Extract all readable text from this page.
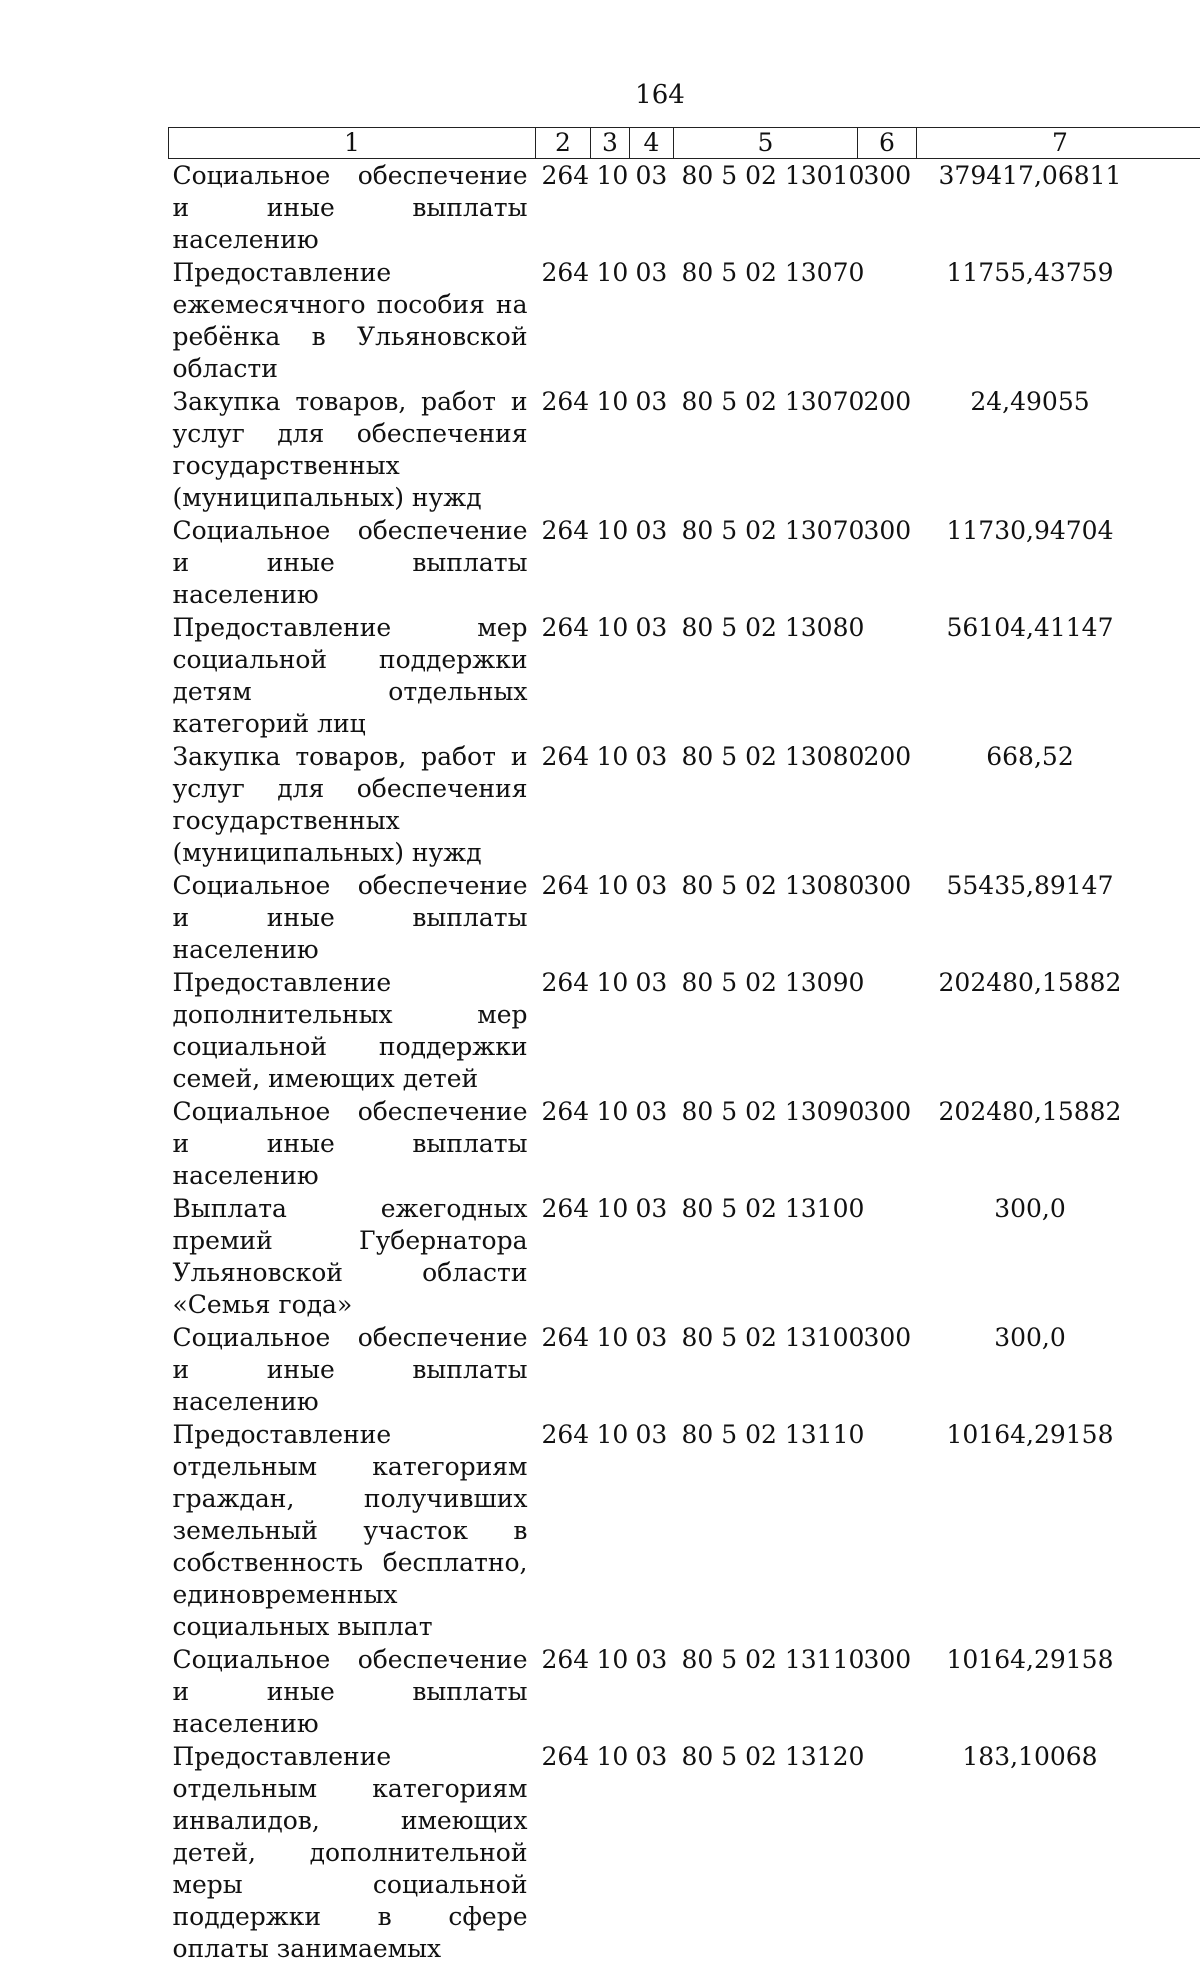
164
1	2	3	4	5	6	7
Социальное обеспечение и иные выплаты населению	264	10	03	80 5 02 13010	300	379417,06811
Предоставление ежемесячного пособия на ребёнка в Ульяновской области	264	10	03	80 5 02 13070		11755,43759
Закупка товаров, работ и услуг для обеспечения государственных (муниципальных) нужд	264	10	03	80 5 02 13070	200	24,49055
Социальное обеспечение и иные выплаты населению	264	10	03	80 5 02 13070	300	11730,94704
Предоставление мер социальной поддержки детям отдельных категорий лиц	264	10	03	80 5 02 13080		56104,41147
Закупка товаров, работ и услуг для обеспечения государственных (муниципальных) нужд	264	10	03	80 5 02 13080	200	668,52
Социальное обеспечение и иные выплаты населению	264	10	03	80 5 02 13080	300	55435,89147
Предоставление дополнительных мер социальной поддержки семей, имеющих детей	264	10	03	80 5 02 13090		202480,15882
Социальное обеспечение и иные выплаты населению	264	10	03	80 5 02 13090	300	202480,15882
Выплата ежегодных премий Губернатора Ульяновской области «Семья года»	264	10	03	80 5 02 13100		300,0
Социальное обеспечение и иные выплаты населению	264	10	03	80 5 02 13100	300	300,0
Предоставление отдельным категориям граждан, получивших земельный участок в собственность бесплатно, единовременных социальных выплат	264	10	03	80 5 02 13110		10164,29158
Социальное обеспечение и иные выплаты населению	264	10	03	80 5 02 13110	300	10164,29158
Предоставление отдельным категориям инвалидов, имеющих детей, дополнительной меры социальной поддержки в сфере оплаты занимаемых	264	10	03	80 5 02 13120		183,10068
